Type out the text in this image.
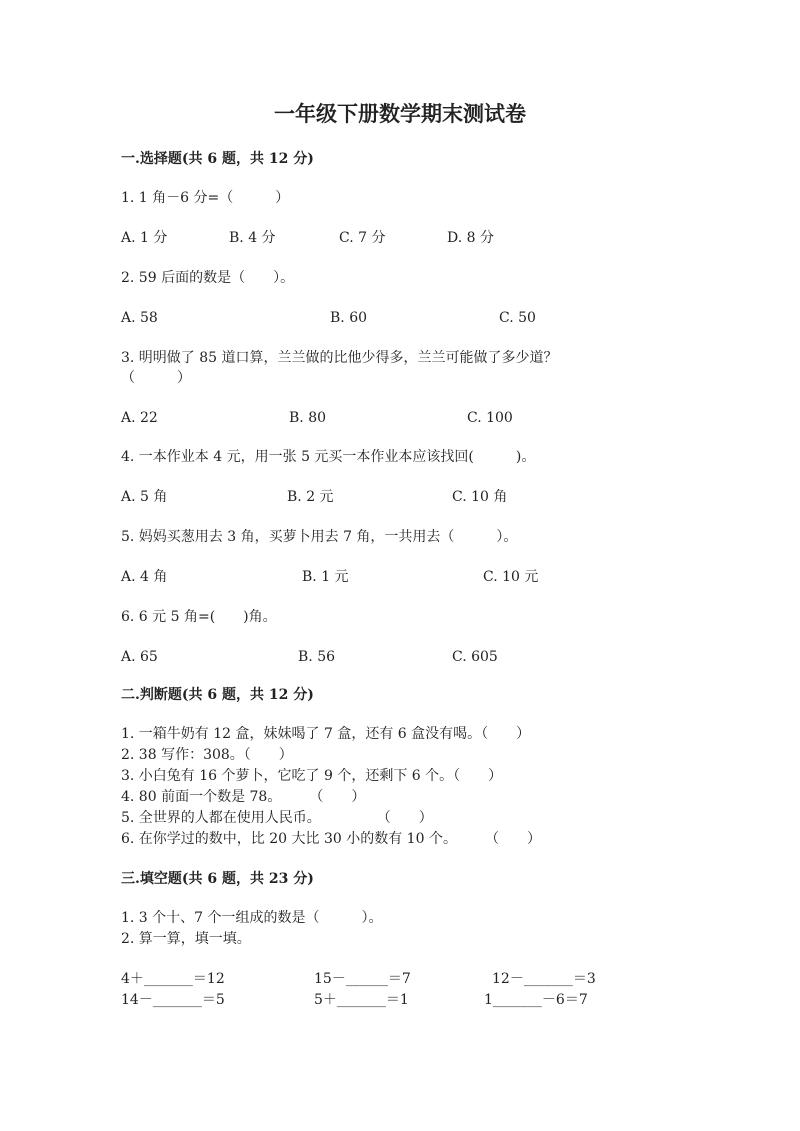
一年级下册数学期末测试卷
一.选择题(共 6 题，共 12 分)
1. 1 角－6 分=（　　　）
A. 1 分	B. 4 分	C. 7 分	D. 8 分
2. 59 后面的数是（　　）。
A. 58	B. 60	C. 50
3. 明明做了 85 道口算，兰兰做的比他少得多，兰兰可能做了多少道？
（　　　）
A. 22	B. 80	C. 100
4. 一本作业本 4 元，用一张 5 元买一本作业本应该找回(　　　)。
A. 5 角	B. 2 元	C. 10 角
5. 妈妈买葱用去 3 角，买萝卜用去 7 角，一共用去（　　　）。
A. 4 角	B. 1 元	C. 10 元
6. 6 元 5 角=(　　)角。
A. 65	B. 56	C. 605
二.判断题(共 6 题，共 12 分)
1. 一箱牛奶有 12 盒，妹妹喝了 7 盒，还有 6 盒没有喝。（　　）
2. 38 写作：308。（　　）
3. 小白兔有 16 个萝卜，它吃了 9 个，还剩下 6 个。（　　）
4. 80 前面一个数是 78。　　　（　　）
5. 全世界的人都在使用人民币。　　　　　（　　）
6. 在你学过的数中，比 20 大比 30 小的数有 10 个。　　　（　　）
三.填空题(共 6 题，共 23 分)
1. 3 个十、7 个一组成的数是（　　　）。
2. 算一算，填一填。
4＋_______＝12	15－______＝7	12－_______＝3
14－_______＝5	5＋_______＝1	1_______－6＝7
